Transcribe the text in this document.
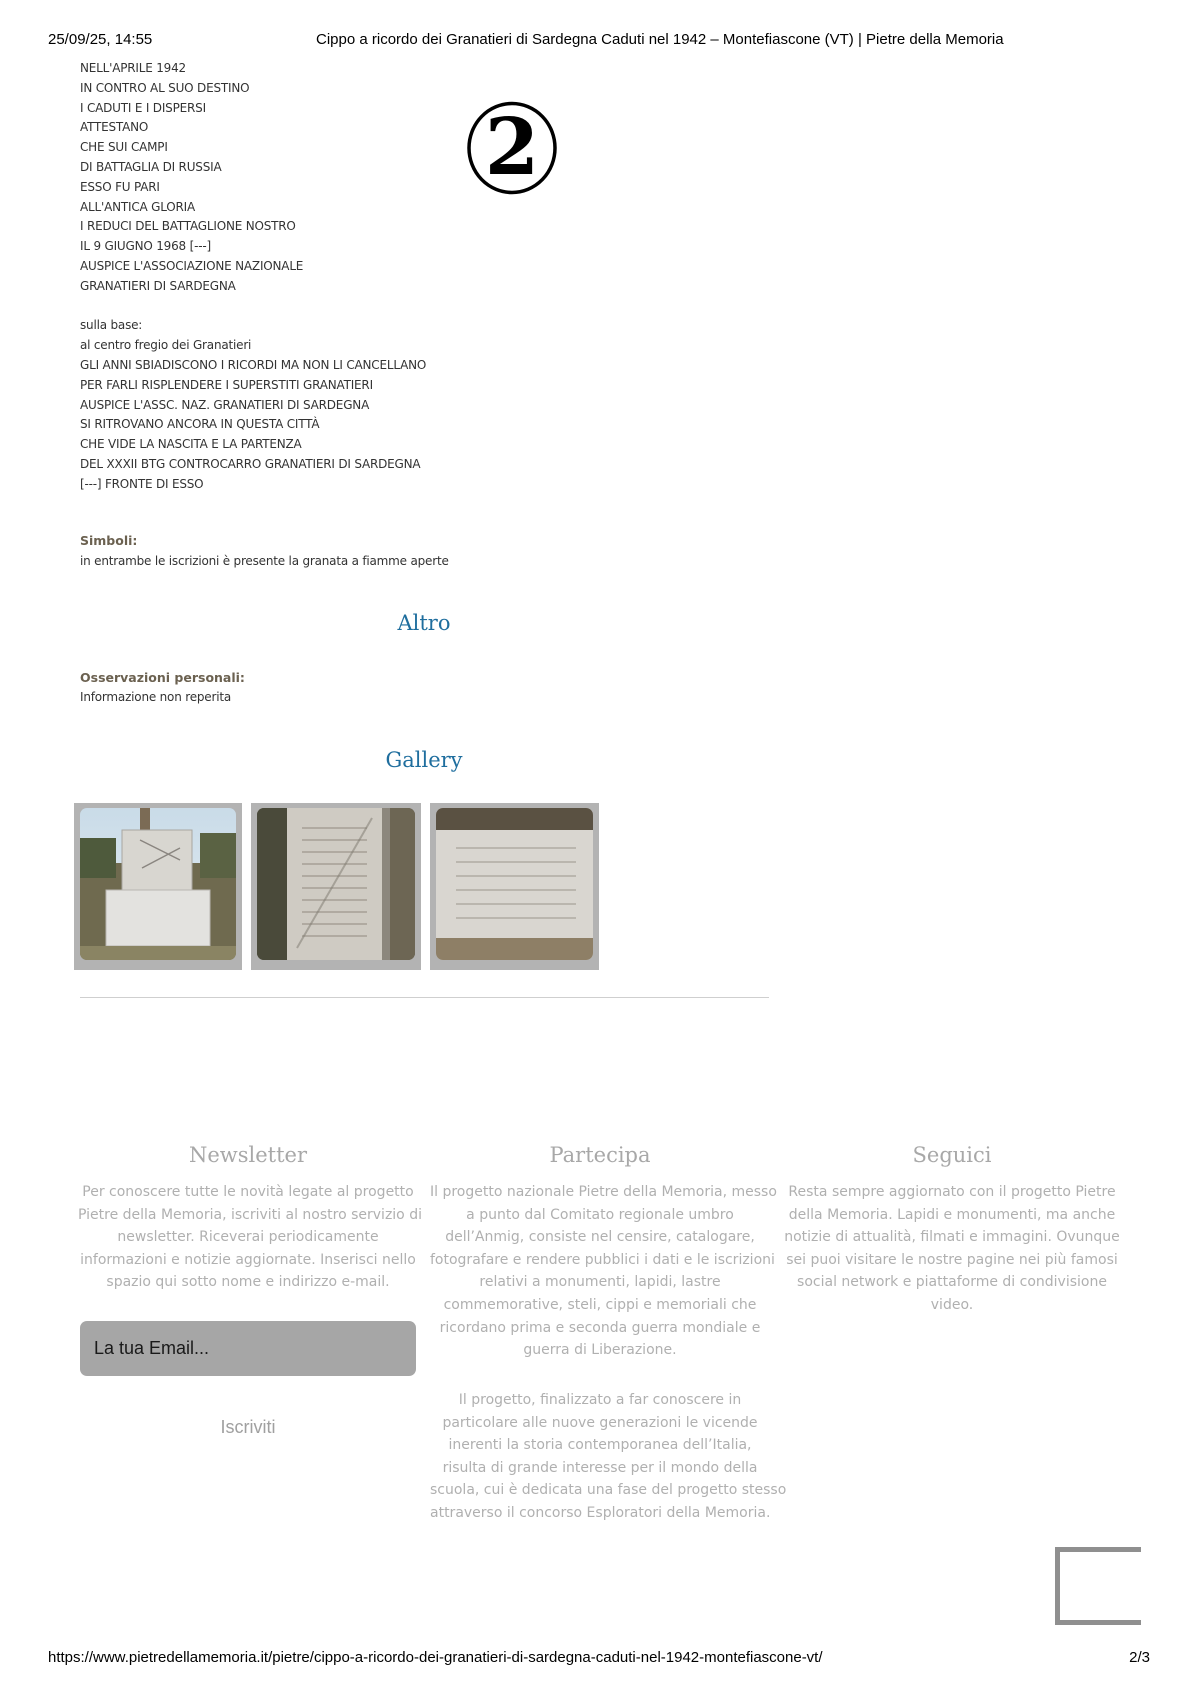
25/09/25, 14:55	Cippo a ricordo dei Granatieri di Sardegna Caduti nel 1942 – Montefiascone (VT) | Pietre della Memoria
NELL'APRILE 1942
IN CONTRO AL SUO DESTINO
I CADUTI E I DISPERSI
ATTESTANO
CHE SUI CAMPI
DI BATTAGLIA DI RUSSIA
ESSO FU PARI
ALL'ANTICA GLORIA
I REDUCI DEL BATTAGLIONE NOSTRO
IL 9 GIUGNO 1968 [---]
AUSPICE L'ASSOCIAZIONE NAZIONALE
GRANATIERI DI SARDEGNA
sulla base:
al centro fregio dei Granatieri
GLI ANNI SBIADISCONO I RICORDI MA NON LI CANCELLANO
PER FARLI RISPLENDERE I SUPERSTITI GRANATIERI
AUSPICE L'ASSC. NAZ. GRANATIERI DI SARDEGNA
SI RITROVANO ANCORA IN QUESTA CITTÀ
CHE VIDE LA NASCITA E LA PARTENZA
DEL XXXII BTG CONTROCARRO GRANATIERI DI SARDEGNA
[---] FRONTE DI ESSO
2
Simboli:
in entrambe le iscrizioni è presente la granata a fiamme aperte
Altro
Osservazioni personali:
Informazione non reperita
Gallery
Newsletter
Per conoscere tutte le novità legate al progetto
Pietre della Memoria, iscriviti al nostro servizio di
newsletter. Riceverai periodicamente
informazioni e notizie aggiornate. Inserisci nello
spazio qui sotto nome e indirizzo e-mail.
La tua Email...
Iscriviti
Partecipa
Il progetto nazionale Pietre della Memoria, messo
a punto dal Comitato regionale umbro
dell’Anmig, consiste nel censire, catalogare,
fotografare e rendere pubblici i dati e le iscrizioni
relativi a monumenti, lapidi, lastre
commemorative, steli, cippi e memoriali che
ricordano prima e seconda guerra mondiale e
guerra di Liberazione.
Il progetto, finalizzato a far conoscere in
particolare alle nuove generazioni le vicende
inerenti la storia contemporanea dell’Italia,
risulta di grande interesse per il mondo della
scuola, cui è dedicata una fase del progetto stesso
attraverso il concorso Esploratori della Memoria.
Seguici
Resta sempre aggiornato con il progetto Pietre
della Memoria. Lapidi e monumenti, ma anche
notizie di attualità, filmati e immagini. Ovunque
sei puoi visitare le nostre pagine nei più famosi
social network e piattaforme di condivisione
video.
https://www.pietredellamemoria.it/pietre/cippo-a-ricordo-dei-granatieri-di-sardegna-caduti-nel-1942-montefiascone-vt/	2/3
